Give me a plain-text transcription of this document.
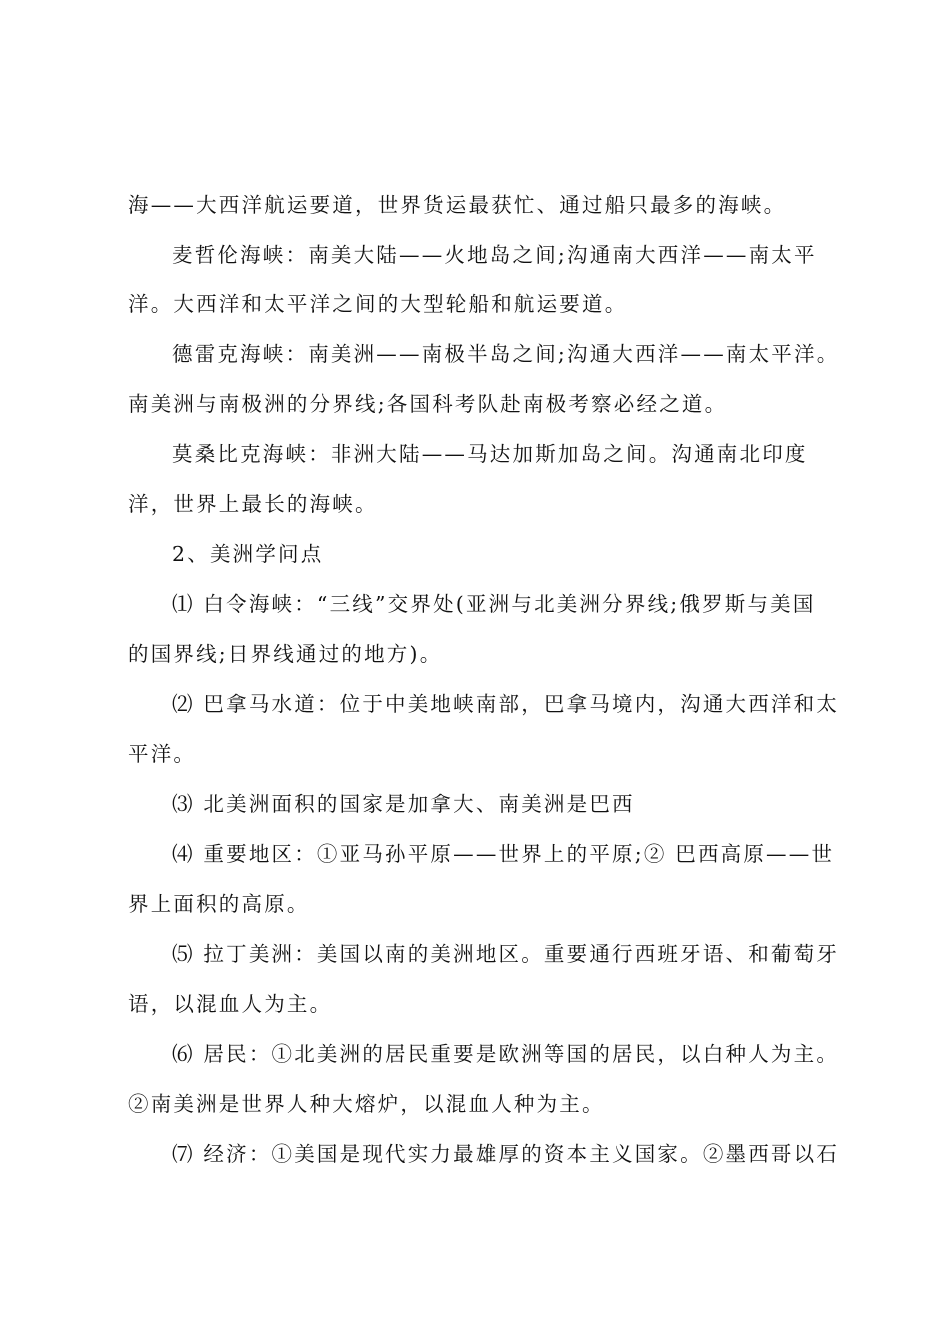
海——大西洋航运要道，世界货运最获忙、通过船只最多的海峡。
麦哲伦海峡：南美大陆——火地岛之间;沟通南大西洋——南太平
洋。大西洋和太平洋之间的大型轮船和航运要道。
德雷克海峡：南美洲——南极半岛之间;沟通大西洋——南太平洋。
南美洲与南极洲的分界线;各国科考队赴南极考察必经之道。
莫桑比克海峡：非洲大陆——马达加斯加岛之间。沟通南北印度
洋，世界上最长的海峡。
2、美洲学问点
⑴ 白令海峡：“三线”交界处(亚洲与北美洲分界线;俄罗斯与美国
的国界线;日界线通过的地方)。
⑵ 巴拿马水道：位于中美地峡南部，巴拿马境内，沟通大西洋和太
平洋。
⑶ 北美洲面积的国家是加拿大、南美洲是巴西
⑷ 重要地区：①亚马孙平原——世界上的平原;② 巴西高原——世
界上面积的高原。
⑸ 拉丁美洲：美国以南的美洲地区。重要通行西班牙语、和葡萄牙
语，以混血人为主。
⑹ 居民：①北美洲的居民重要是欧洲等国的居民，以白种人为主。
②南美洲是世界人种大熔炉，以混血人种为主。
⑺ 经济：①美国是现代实力最雄厚的资本主义国家。②墨西哥以石
